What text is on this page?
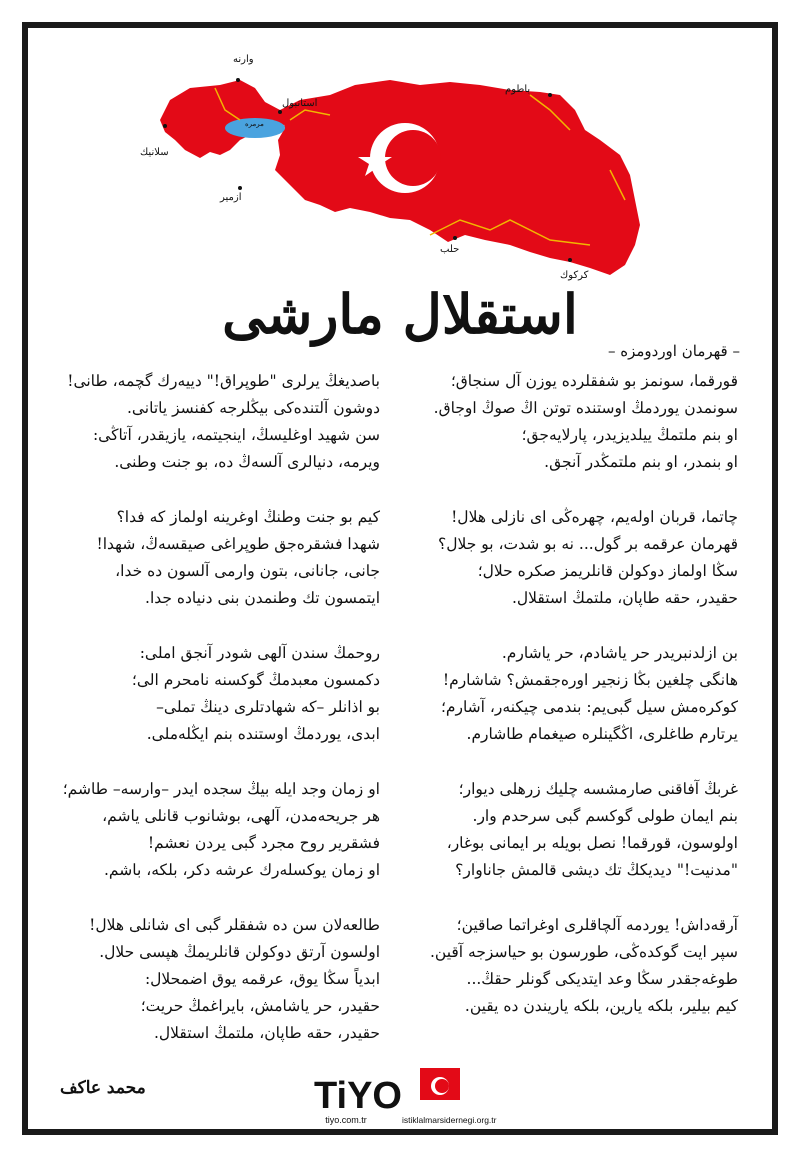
وارنه
باطوم
استانبول
مرمره
سلانیك
ازمیر
حلب
كركوك
استقلال مارشی
– قهرمان اوردومزه –
قورقما، سونمز بو شفقلرده یوزن آل سنجاق؛
سونمدن یوردمڭ اوستنده توتن اڭ صوڭ اوجاق.
او بنم ملتمڭ ییلدیزیدر، پارلایه‌جق؛
او بنمدر، او بنم ملتمڭدر آنجق.
چاتما، قربان اوله‌یم، چهره‌ڭی ای نازلی هلال!
قهرمان عرقمه بر گول... نه بو شدت، بو جلال؟
سڭا اولماز دوكولن قانلریمز صكره حلال؛
حقیدر، حقه طاپان، ملتمڭ استقلال.
بن ازلدنبریدر حر یاشادم، حر یاشارم.
هانگی چلغین بڭا زنجیر اوره‌جقمش؟ شاشارم!
كوكره‌مش سیل گبی‌یم: بندمی چیكنه‌ر، آشارم؛
یرتارم طاغلری، اڭگینلره صیغمام طاشارم.
غربڭ آفاقنی صارمشسه چلیك زرهلی دیوار؛
بنم ایمان طولی گوكسم گبی سرحدم وار.
اولوسون، قورقما! نصل بویله بر ایمانی بوغار،
"مدنیت!" دیدیكڭ تك دیشی قالمش جاناوار؟
آرقه‌داش! یوردمه آلچاقلری اوغراتما صاقین؛
سپر ایت گوكده‌ڭی، طورسون بو حیاسزجه آقین.
طوغه‌جقدر سڭا وعد ایتدیكی گونلر حقڭ...
كیم بیلیر، بلكه یارین، بلكه یاریندن ده یقین.
باصدیغڭ یرلری "طوپراق!" دییه‌رك گچمه، طانی!
دوشون آلتنده‌كی بیڭلرجه كفنسز یاتانی.
سن شهید اوغلیسڭ، اینجیتمه، یازیقدر، آتاڭی:
ویرمه، دنیالری آلسه‌ڭ ده، بو جنت وطنی.
كیم بو جنت وطنڭ اوغرینه اولماز كه فدا؟
شهدا فشقره‌جق طوپراغی صیقسه‌ڭ، شهدا!
جانی، جانانی، بتون وارمی آلسون ده خدا،
ایتمسون تك وطنمدن بنی دنیاده جدا.
روحمڭ سندن آلهی شودر آنجق املی:
دكمسون معبدمڭ گوكسنه نامحرم الی؛
بو اذانلر –كه شهادتلری دینڭ تملی–
ابدی، یوردمڭ اوستنده بنم ایڭله‌ملی.
او زمان وجد ایله بیڭ سجده ایدر –وارسه– طاشم؛
هر جریحه‌مدن، آلهی، بوشانوب قانلی یاشم،
فشقریر روح مجرد گبی یردن نعشم!
او زمان یوكسله‌رك عرشه دكر، بلكه، باشم.
طالعه‌لان سن ده شفقلر گبی ای شانلی هلال!
اولسون آرتق دوكولن قانلریمڭ هپسی حلال.
ابدیاً سڭا یوق، عرقمه یوق اضمحلال:
حقیدر، حر یاشامش، بایراغمڭ حریت؛
حقیدر، حقه طاپان، ملتمڭ استقلال.
محمد عاكف	TiYO
tiyo.com.tr	istiklalmarsidernegi.org.tr
